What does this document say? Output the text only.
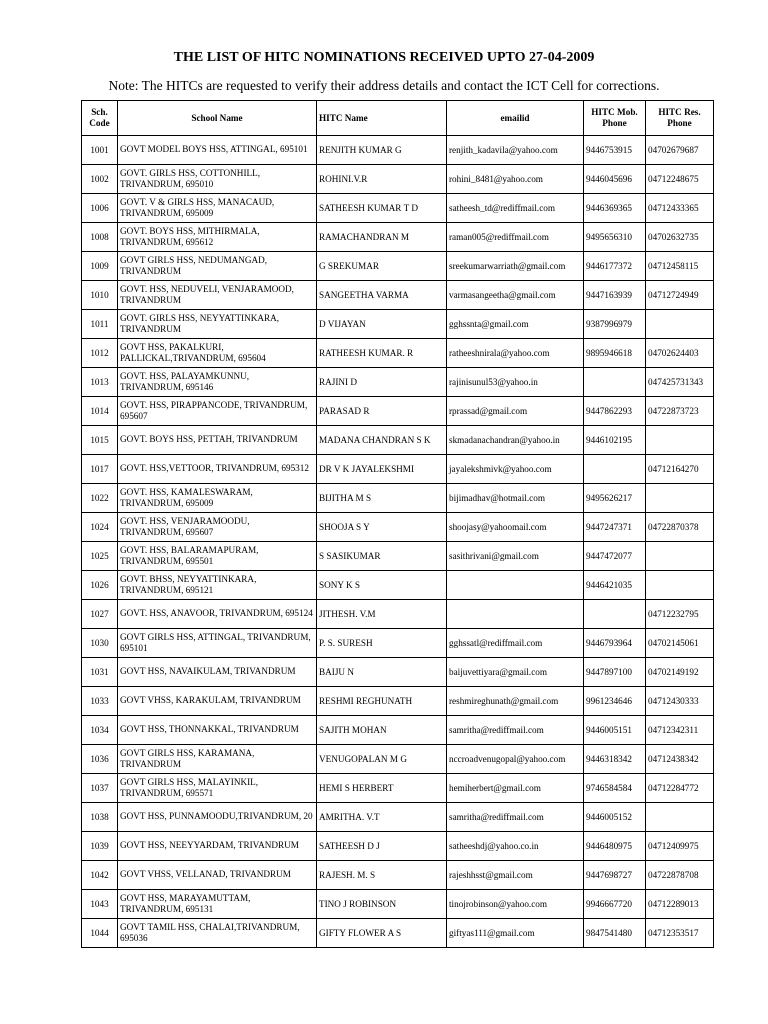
THE LIST OF HITC NOMINATIONS RECEIVED UPTO 27-04-2009
Note: The HITCs are requested to verify their address details and contact the ICT Cell for corrections.
Sch. Code	School Name	HITC Name	emailid	HITC Mob. Phone	HITC Res. Phone
1001	GOVT MODEL BOYS HSS, ATTINGAL, 695101	RENJITH KUMAR G	renjith_kadavila@yahoo.com	9446753915	04702679687
1002	GOVT. GIRLS HSS, COTTONHILL, TRIVANDRUM, 695010	ROHINI.V.R	rohini_8481@yahoo.com	9446045696	04712248675
1006	GOVT. V & GIRLS HSS, MANACAUD, TRIVANDRUM, 695009	SATHEESH KUMAR T D	satheesh_td@rediffmail.com	9446369365	04712433365
1008	GOVT. BOYS HSS, MITHIRMALA, TRIVANDRUM, 695612	RAMACHANDRAN M	raman005@rediffmail.com	9495656310	04702632735
1009	GOVT GIRLS HSS, NEDUMANGAD, TRIVANDRUM	G SREKUMAR	sreekumarwarriath@gmail.com	9446177372	04712458115
1010	GOVT. HSS, NEDUVELI, VENJARAMOOD, TRIVANDRUM	SANGEETHA VARMA	varmasangeetha@gmail.com	9447163939	04712724949
1011	GOVT. GIRLS HSS, NEYYATTINKARA, TRIVANDRUM	D VIJAYAN	gghssnta@gmail.com	9387996979	
1012	GOVT HSS, PAKALKURI, PALLICKAL,TRIVANDRUM, 695604	RATHEESH KUMAR. R	ratheeshnirala@yahoo.com	9895946618	04702624403
1013	GOVT. HSS, PALAYAMKUNNU, TRIVANDRUM, 695146	RAJINI D	rajinisunul53@yahoo.in		047425731343
1014	GOVT. HSS, PIRAPPANCODE, TRIVANDRUM, 695607	PARASAD R	rprassad@gmail.com	9447862293	04722873723
1015	GOVT. BOYS HSS, PETTAH, TRIVANDRUM	MADANA CHANDRAN S K	skmadanachandran@yahoo.in	9446102195	
1017	GOVT. HSS,VETTOOR, TRIVANDRUM, 695312	DR V K JAYALEKSHMI	jayalekshmivk@yahoo.com		04712164270
1022	GOVT. HSS, KAMALESWARAM, TRIVANDRUM, 695009	BIJITHA M S	bijimadhav@hotmail.com	9495626217	
1024	GOVT. HSS, VENJARAMOODU, TRIVANDRUM, 695607	SHOOJA S Y	shoojasy@yahoomail.com	9447247371	04722870378
1025	GOVT. HSS, BALARAMAPURAM, TRIVANDRUM, 695501	S SASIKUMAR	sasithrivani@gmail.com	9447472077	
1026	GOVT. BHSS, NEYYATTINKARA, TRIVANDRUM, 695121	SONY K S		9446421035	
1027	GOVT. HSS, ANAVOOR, TRIVANDRUM, 695124	JITHESH. V.M			04712232795
1030	GOVT GIRLS HSS, ATTINGAL, TRIVANDRUM, 695101	P. S. SURESH	gghssatl@rediffmail.com	9446793964	04702145061
1031	GOVT HSS, NAVAIKULAM, TRIVANDRUM	BAIJU N	baijuvettiyara@gmail.com	9447897100	04702149192
1033	GOVT VHSS, KARAKULAM, TRIVANDRUM	RESHMI REGHUNATH	reshmireghunath@gmail.com	9961234646	04712430333
1034	GOVT HSS, THONNAKKAL, TRIVANDRUM	SAJITH MOHAN	samritha@rediffmail.com	9446005151	04712342311
1036	GOVT GIRLS HSS, KARAMANA, TRIVANDRUM	VENUGOPALAN M G	nccroadvenugopal@yahoo.com	9446318342	04712438342
1037	GOVT GIRLS HSS, MALAYINKIL, TRIVANDRUM, 695571	HEMI S HERBERT	hemiherbert@gmail.com	9746584584	04712284772
1038	GOVT HSS, PUNNAMOODU,TRIVANDRUM, 20	AMRITHA. V.T	samritha@rediffmail.com	9446005152	
1039	GOVT HSS, NEEYYARDAM, TRIVANDRUM	SATHEESH D J	satheeshdj@yahoo.co.in	9446480975	04712409975
1042	GOVT VHSS, VELLANAD, TRIVANDRUM	RAJESH. M. S	rajeshhsst@gmail.com	9447698727	04722878708
1043	GOVT HSS, MARAYAMUTTAM, TRIVANDRUM, 695131	TINO J ROBINSON	tinojrobinson@yahoo.com	9946667720	04712289013
1044	GOVT TAMIL HSS, CHALAI,TRIVANDRUM, 695036	GIFTY FLOWER A S	giftyas111@gmail.com	9847541480	04712353517
